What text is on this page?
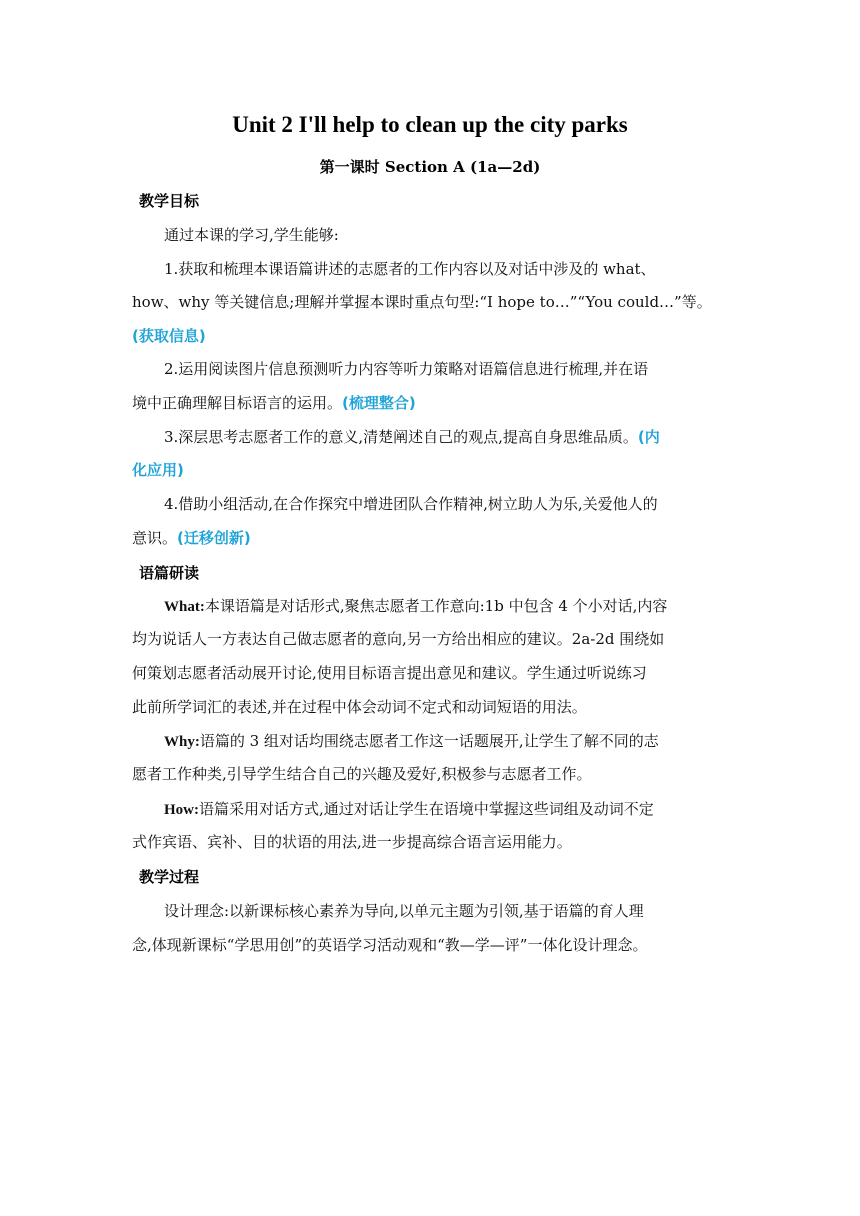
Unit 2 I'll help to clean up the city parks
第一课时 Section A (1a—2d)
教学目标
通过本课的学习,学生能够:
1.获取和梳理本课语篇讲述的志愿者的工作内容以及对话中涉及的 what、
how、why 等关键信息;理解并掌握本课时重点句型:“I hope to…”“You could…”等。
(获取信息)
2.运用阅读图片信息预测听力内容等听力策略对语篇信息进行梳理,并在语
境中正确理解目标语言的运用。(梳理整合)
3.深层思考志愿者工作的意义,清楚阐述自己的观点,提高自身思维品质。(内
化应用)
4.借助小组活动,在合作探究中增进团队合作精神,树立助人为乐,关爱他人的
意识。(迁移创新)
语篇研读
What:本课语篇是对话形式,聚焦志愿者工作意向:1b 中包含 4 个小对话,内容
均为说话人一方表达自己做志愿者的意向,另一方给出相应的建议。2a-2d 围绕如
何策划志愿者活动展开讨论,使用目标语言提出意见和建议。学生通过听说练习
此前所学词汇的表述,并在过程中体会动词不定式和动词短语的用法。
Why:语篇的 3 组对话均围绕志愿者工作这一话题展开,让学生了解不同的志
愿者工作种类,引导学生结合自己的兴趣及爱好,积极参与志愿者工作。
How:语篇采用对话方式,通过对话让学生在语境中掌握这些词组及动词不定
式作宾语、宾补、目的状语的用法,进一步提高综合语言运用能力。
教学过程
设计理念:以新课标核心素养为导向,以单元主题为引领,基于语篇的育人理
念,体现新课标“学思用创”的英语学习活动观和“教—学—评”一体化设计理念。
